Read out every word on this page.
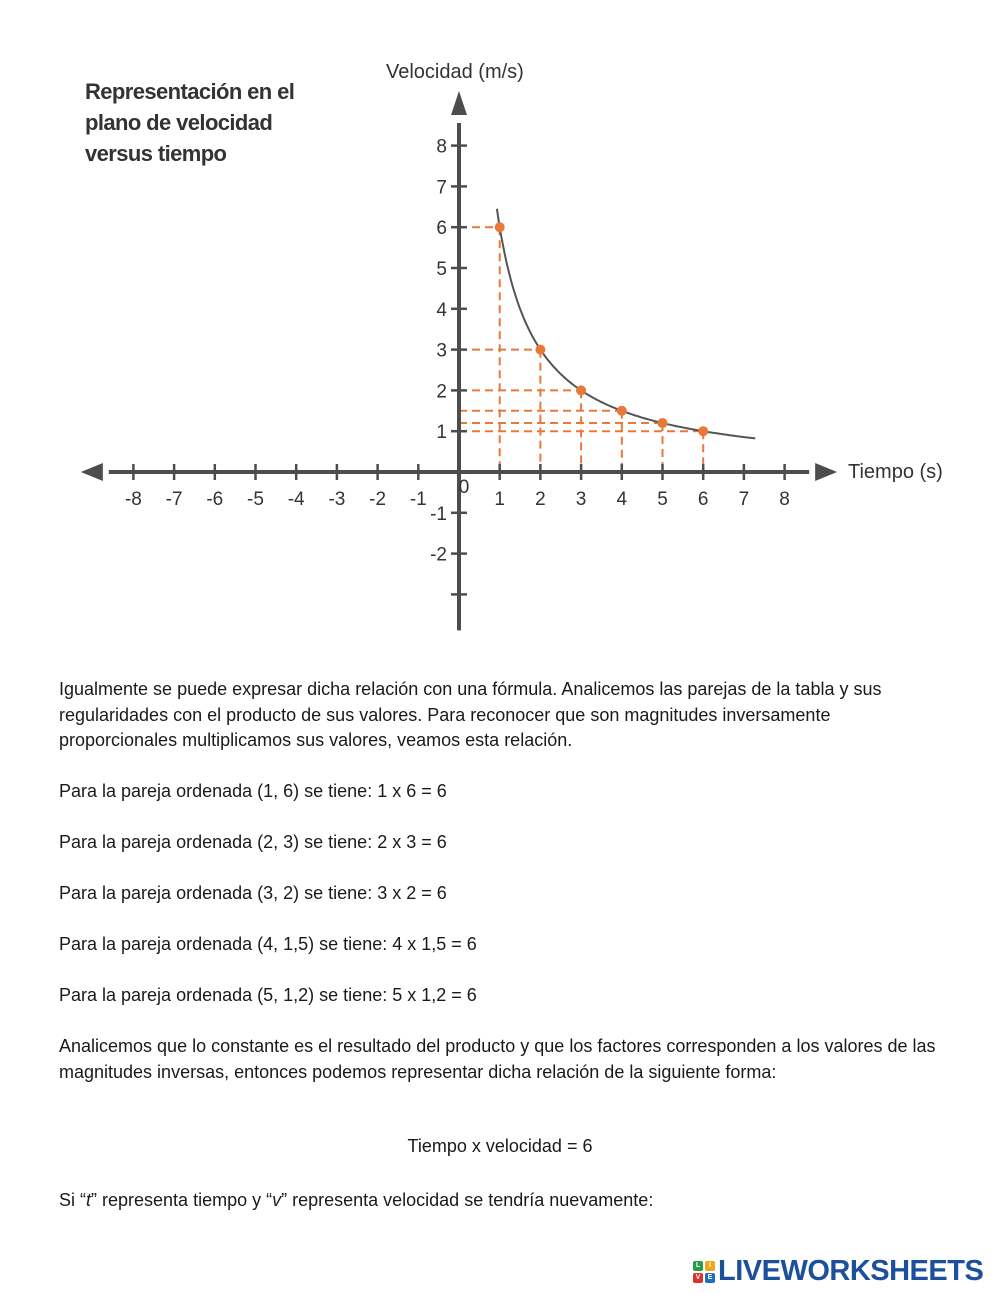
Representación en el plano de velocidad versus tiempo
Velocidad (m/s)
Tiempo (s)
-8 -7 -6 -5 -4 -3 -2 -1	1 2 3 4 5 6 7 8
-2
-1
1
2
3
4
5
6
7
8
0
Igualmente se puede expresar dicha relación con una fórmula. Analicemos las parejas de la tabla y sus regularidades con el producto de sus valores. Para reconocer que son magnitudes inversamente proporcionales multiplicamos sus valores, veamos esta relación.
Para la pareja ordenada (1, 6) se tiene: 1 x 6 = 6
Para la pareja ordenada (2, 3) se tiene: 2 x 3 = 6
Para la pareja ordenada (3, 2) se tiene: 3 x 2 = 6
Para la pareja ordenada (4, 1,5) se tiene: 4 x 1,5 = 6
Para la pareja ordenada (5, 1,2) se tiene: 5 x 1,2 = 6
Analicemos que lo constante es el resultado del producto y que los factores corresponden a los valores de las magnitudes inversas, entonces podemos representar dicha relación de la siguiente forma:
Tiempo x velocidad = 6
Si “t” representa tiempo y “v” representa velocidad se tendría nuevamente:
L	I
V	E LIVEWORKSHEETS
